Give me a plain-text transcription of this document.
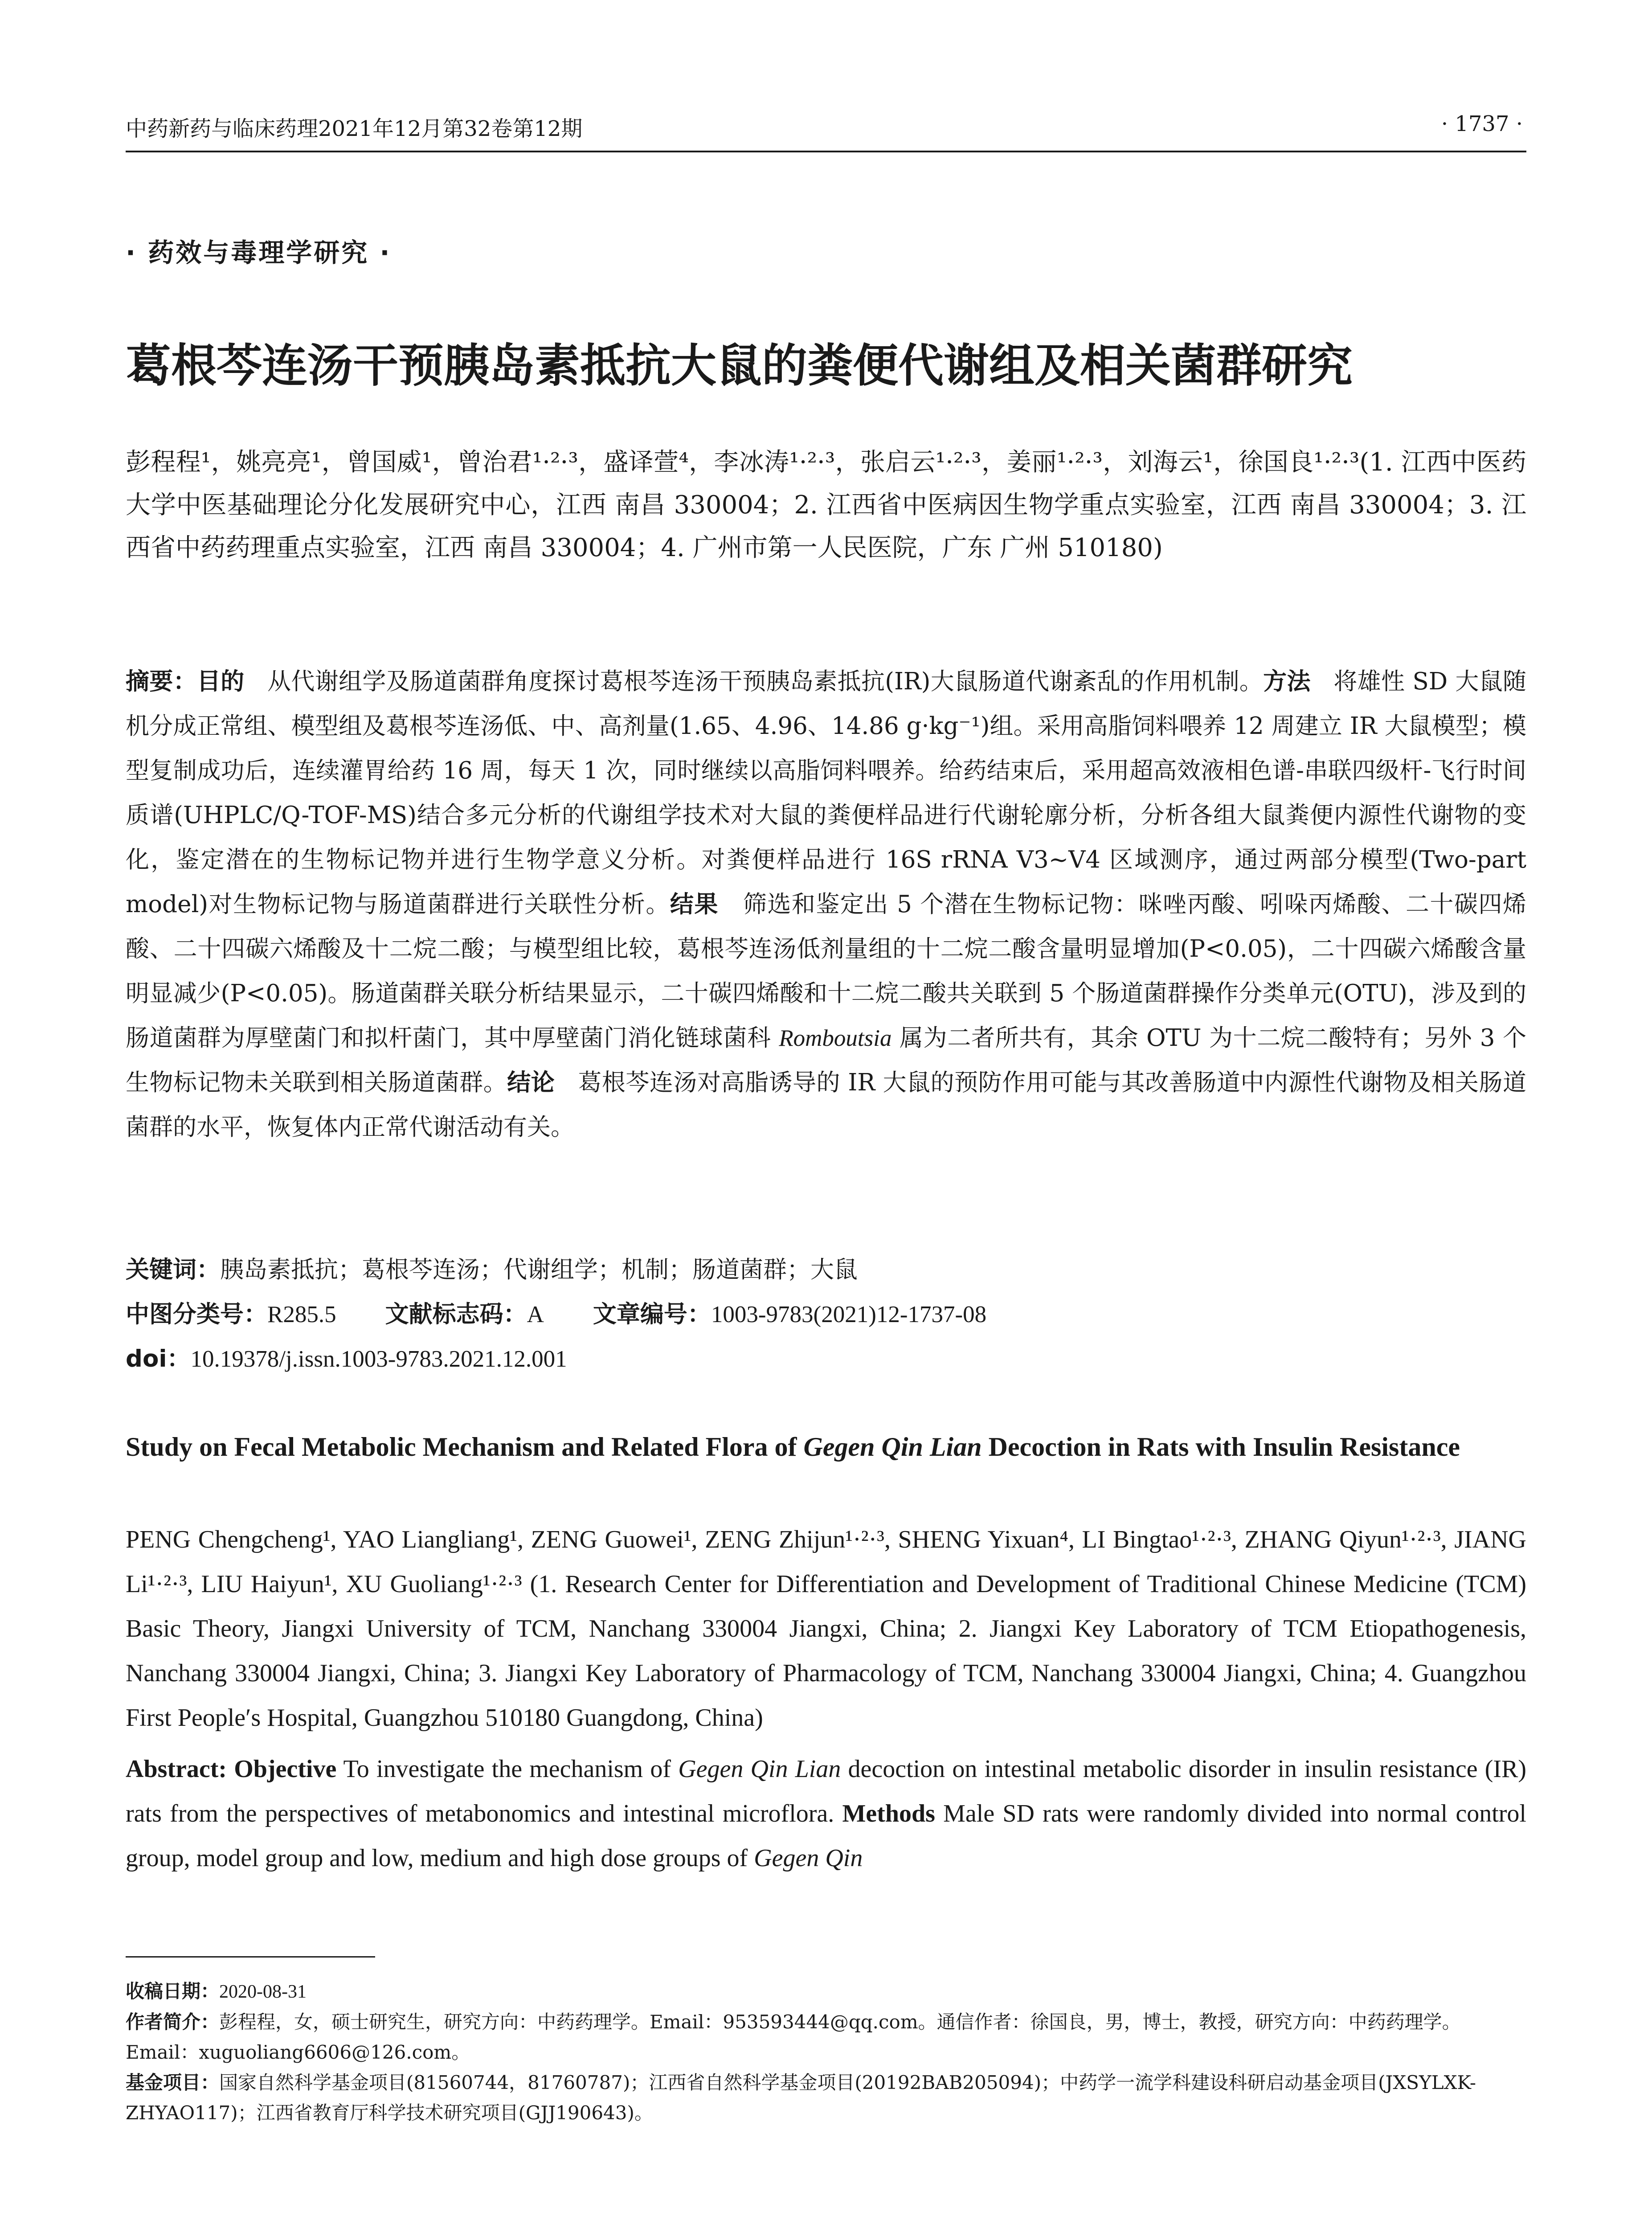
中药新药与临床药理2021年12月第32卷第12期	· 1737 ·
· 药效与毒理学研究 ·
葛根芩连汤干预胰岛素抵抗大鼠的粪便代谢组及相关菌群研究
彭程程¹，姚亮亮¹，曾国威¹，曾治君¹·²·³，盛译萱⁴，李冰涛¹·²·³，张启云¹·²·³，姜丽¹·²·³，刘海云¹，徐国良¹·²·³(1. 江西中医药大学中医基础理论分化发展研究中心，江西 南昌 330004；2. 江西省中医病因生物学重点实验室，江西 南昌 330004；3. 江西省中药药理重点实验室，江西 南昌 330004；4. 广州市第一人民医院，广东 广州 510180)
摘要：目的 从代谢组学及肠道菌群角度探讨葛根芩连汤干预胰岛素抵抗(IR)大鼠肠道代谢紊乱的作用机制。方法 将雄性 SD 大鼠随机分成正常组、模型组及葛根芩连汤低、中、高剂量(1.65、4.96、14.86 g·kg⁻¹)组。采用高脂饲料喂养 12 周建立 IR 大鼠模型；模型复制成功后，连续灌胃给药 16 周，每天 1 次，同时继续以高脂饲料喂养。给药结束后，采用超高效液相色谱-串联四级杆-飞行时间质谱(UHPLC/Q-TOF-MS)结合多元分析的代谢组学技术对大鼠的粪便样品进行代谢轮廓分析，分析各组大鼠粪便内源性代谢物的变化，鉴定潜在的生物标记物并进行生物学意义分析。对粪便样品进行 16S rRNA V3~V4 区域测序，通过两部分模型(Two-part model)对生物标记物与肠道菌群进行关联性分析。结果 筛选和鉴定出 5 个潜在生物标记物：咪唑丙酸、吲哚丙烯酸、二十碳四烯酸、二十四碳六烯酸及十二烷二酸；与模型组比较，葛根芩连汤低剂量组的十二烷二酸含量明显增加(P<0.05)，二十四碳六烯酸含量明显减少(P<0.05)。肠道菌群关联分析结果显示，二十碳四烯酸和十二烷二酸共关联到 5 个肠道菌群操作分类单元(OTU)，涉及到的肠道菌群为厚壁菌门和拟杆菌门，其中厚壁菌门消化链球菌科 Romboutsia 属为二者所共有，其余 OTU 为十二烷二酸特有；另外 3 个生物标记物未关联到相关肠道菌群。结论 葛根芩连汤对高脂诱导的 IR 大鼠的预防作用可能与其改善肠道中内源性代谢物及相关肠道菌群的水平，恢复体内正常代谢活动有关。
关键词：胰岛素抵抗；葛根芩连汤；代谢组学；机制；肠道菌群；大鼠
中图分类号：R285.5 文献标志码：A 文章编号：1003-9783(2021)12-1737-08
doi：10.19378/j.issn.1003-9783.2021.12.001
Study on Fecal Metabolic Mechanism and Related Flora of Gegen Qin Lian Decoction in Rats with Insulin Resistance
PENG Chengcheng¹, YAO Liangliang¹, ZENG Guowei¹, ZENG Zhijun¹·²·³, SHENG Yixuan⁴, LI Bingtao¹·²·³, ZHANG Qiyun¹·²·³, JIANG Li¹·²·³, LIU Haiyun¹, XU Guoliang¹·²·³ (1. Research Center for Differentiation and Development of Traditional Chinese Medicine (TCM) Basic Theory, Jiangxi University of TCM, Nanchang 330004 Jiangxi, China; 2. Jiangxi Key Laboratory of TCM Etiopathogenesis, Nanchang 330004 Jiangxi, China; 3. Jiangxi Key Laboratory of Pharmacology of TCM, Nanchang 330004 Jiangxi, China; 4. Guangzhou First People′s Hospital, Guangzhou 510180 Guangdong, China)
Abstract: Objective To investigate the mechanism of Gegen Qin Lian decoction on intestinal metabolic disorder in insulin resistance (IR) rats from the perspectives of metabonomics and intestinal microflora. Methods Male SD rats were randomly divided into normal control group, model group and low, medium and high dose groups of Gegen Qin
收稿日期：2020-08-31
作者简介：彭程程，女，硕士研究生，研究方向：中药药理学。Email：953593444@qq.com。通信作者：徐国良，男，博士，教授，研究方向：中药药理学。Email：xuguoliang6606@126.com。
基金项目：国家自然科学基金项目(81560744，81760787)；江西省自然科学基金项目(20192BAB205094)；中药学一流学科建设科研启动基金项目(JXSYLXK-ZHYAO117)；江西省教育厅科学技术研究项目(GJJ190643)。
